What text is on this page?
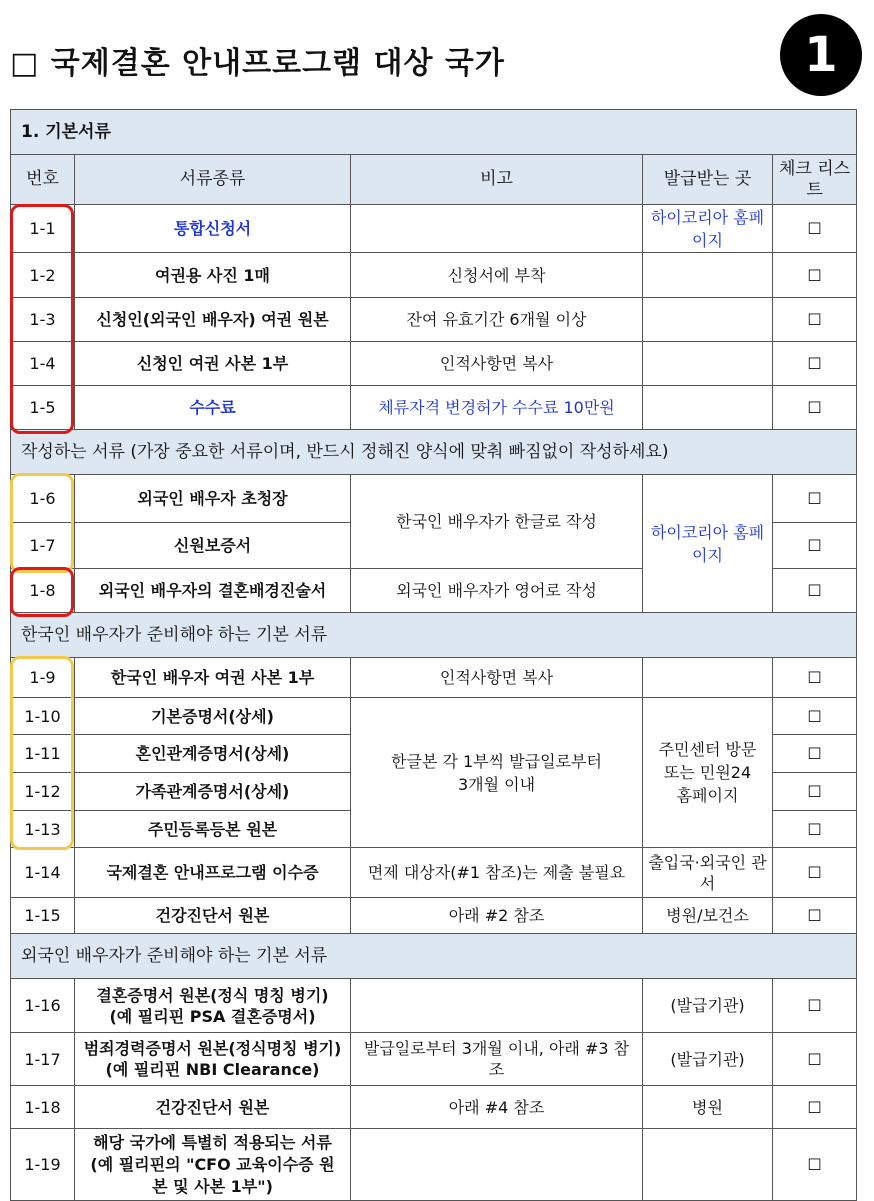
□ 국제결혼 안내프로그램 대상 국가	1
1. 기본서류				
번호	서류종류	비고	발급받는 곳	체크 리스트
1-1	통합신청서		하이코리아 홈페이지	☐
1-2	여권용 사진 1매	신청서에 부착		☐
1-3	신청인(외국인 배우자) 여권 원본	잔여 유효기간 6개월 이상		☐
1-4	신청인 여권 사본 1부	인적사항면 복사		☐
1-5	수수료	체류자격 변경허가 수수료 10만원		☐
작성하는 서류 (가장 중요한 서류이며, 반드시 정해진 양식에 맞춰 빠짐없이 작성하세요)				
1-6	외국인 배우자 초청장	한국인 배우자가 한글로 작성	하이코리아 홈페이지	☐
1-7	신원보증서			☐
1-8	외국인 배우자의 결혼배경진술서	외국인 배우자가 영어로 작성		☐
한국인 배우자가 준비해야 하는 기본 서류				
1-9	한국인 배우자 여권 사본 1부	인적사항면 복사		☐
1-10	기본증명서(상세)	한글본 각 1부씩 발급일로부터 3개월 이내	주민센터 방문 또는 민원24 홈페이지	☐
1-11	혼인관계증명서(상세)			☐
1-12	가족관계증명서(상세)			☐
1-13	주민등록등본 원본			☐
1-14	국제결혼 안내프로그램 이수증	면제 대상자(#1 참조)는 제출 불필요	출입국·외국인 관서	☐
1-15	건강진단서 원본	아래 #2 참조	병원/보건소	☐
외국인 배우자가 준비해야 하는 기본 서류				
1-16	결혼증명서 원본(정식 명칭 병기) (예 필리핀 PSA 결혼증명서)		(발급기관)	☐
1-17	범죄경력증명서 원본(정식명칭 병기)(예 필리핀 NBI Clearance)	발급일로부터 3개월 이내, 아래 #3 참조	(발급기관)	☐
1-18	건강진단서 원본	아래 #4 참조	병원	☐
1-19	해당 국가에 특별히 적용되는 서류 (예 필리핀의 "CFO 교육이수증 원본 및 사본 1부")			☐
